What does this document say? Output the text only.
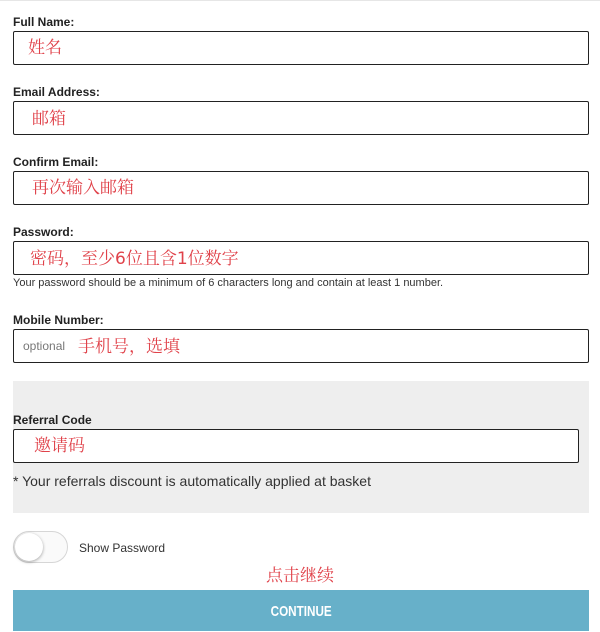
Full Name:
姓名
Email Address:
邮箱
Confirm Email:
再次输入邮箱
Password:
密码，至少6位且含1位数字
Your password should be a minimum of 6 characters long and contain at least 1 number.
Mobile Number:
optional 手机号，选填
Referral Code
邀请码
* Your referrals discount is automatically applied at basket
Show Password
点击继续
CONTINUE
